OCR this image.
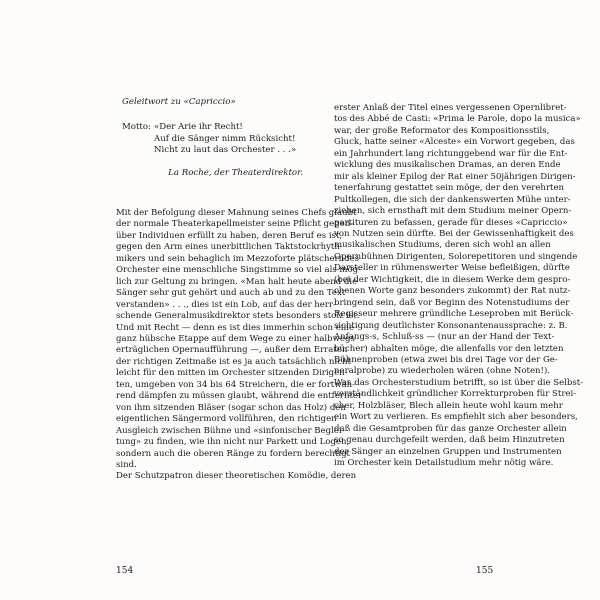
Geleitwort zu «Capriccio»
Motto: «Der Arie ihr Recht!
Auf die Sänger nimm Rücksicht!
Nicht zu laut das Orchester . . .»
La Roche, der Theaterdirektor.
Mit der Befolgung dieser Mahnung seines Chefs glaubt
der normale Theaterkapellmeister seine Pflicht gegen-
über Individuen erfüllt zu haben, deren Beruf es ist,
gegen den Arm eines unerbittlichen Taktstockrhyth-
mikers und sein behaglich im Mezzoforte plätscherndes
Orchester eine menschliche Singstimme so viel als mög-
lich zur Geltung zu bringen. «Man halt heute abend die
Sänger sehr gut gehört und auch ab und zu den Text
verstanden» . . ., dies ist ein Lob, auf das der herr-
schende Generalmusikdirektor stets besonders stolz ist.
Und mit Recht — denn es ist dies immerhin schon eine
ganz hübsche Etappe auf dem Wege zu einer halbwegs
erträglichen Opernaufführung —, außer dem Erraten
der richtigen Zeitmaße ist es ja auch tatsächlich nicht
leicht für den mitten im Orchester sitzenden Dirigen-
ten, umgeben von 34 bis 64 Streichern, die er fortwäh-
rend dämpfen zu müssen glaubt, während die entfernter
von ihm sitzenden Bläser (sogar schon das Holz) den
eigentlichen Sängermord vollführen, den richtigen
Ausgleich zwischen Bühne und «sinfonischer Beglei-
tung» zu finden, wie ihn nicht nur Parkett und Logen,
sondern auch die oberen Ränge zu fordern berechtigt
sind.
Der Schutzpatron dieser theoretischen Komödie, deren
154
erster Anlaß der Titel eines vergessenen Opernlibret-
tos des Abbé de Casti: «Prima le Parole, dopo la musica»
war, der große Reformator des Kompositionsstils,
Gluck, hatte seiner «Alceste» ein Vorwort gegeben, das
ein Jahrhundert lang richtunggebend war für die Ent-
wicklung des musikalischen Dramas, an deren Ende
mir als kleiner Epilog der Rat einer 50jährigen Dirigen-
tenerfahrung gestattet sein möge, der den verehrten
Pultkollegen, die sich der dankenswerten Mühe unter-
ziehen, sich ernsthaft mit dem Studium meiner Opern-
partituren zu befassen, gerade für dieses «Capriccio»
von Nutzen sein dürfte. Bei der Gewissenhaftigkeit des
musikalischen Studiums, deren sich wohl an allen
Opernbühnen Dirigenten, Solorepetitoren und singende
Darsteller in rühmenswerter Weise befleißigen, dürfte
(bei der Wichtigkeit, die in diesem Werke dem gespro-
chenen Worte ganz besonders zukommt) der Rat nutz-
bringend sein, daß vor Beginn des Notenstudiums der
Regisseur mehrere gründliche Leseproben mit Berück-
sichtigung deutlichster Konsonantenaussprache: z. B.
Anfangs-s, Schluß-ss — (nur an der Hand der Text-
bücher) abhalten möge, die allenfalls vor den letzten
Bühnenproben (etwa zwei bis drei Tage vor der Ge-
neralprobe) zu wiederholen wären (ohne Noten!).
Was das Orchesterstudium betrifft, so ist über die Selbst-
verständlichkeit gründlicher Korrekturproben für Strei-
cher, Holzbläser, Blech allein heute wohl kaum mehr
ein Wort zu verlieren. Es empfiehlt sich aber besonders,
daß die Gesamtproben für das ganze Orchester allein
so genau durchgefeilt werden, daß beim Hinzutreten
der Sänger an einzelnen Gruppen und Instrumenten
im Orchester kein Detailstudium mehr nötig wäre.
155
